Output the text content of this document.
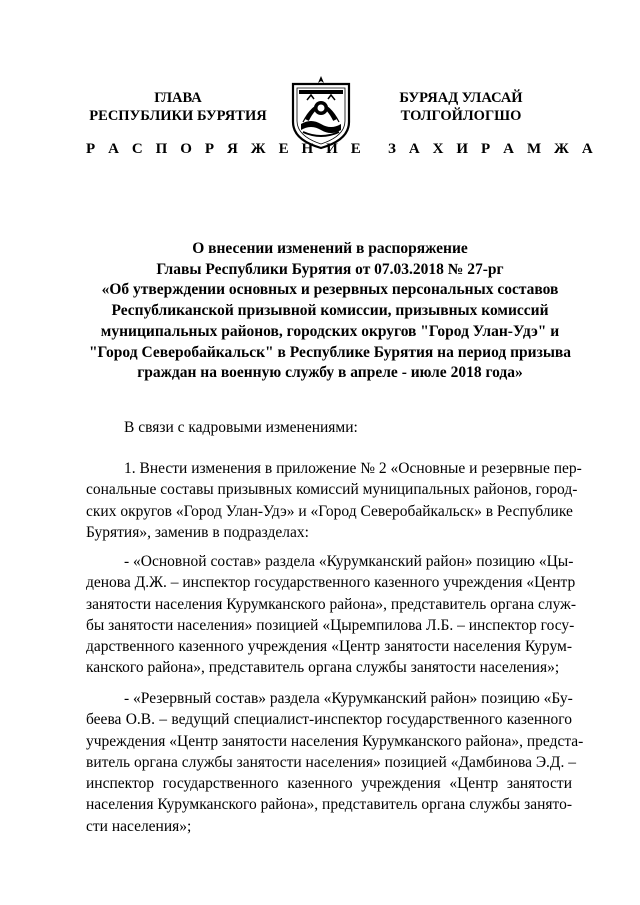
ГЛАВА
РЕСПУБЛИКИ БУРЯТИЯ
Р А С П О Р Я Ж Е Н И Е
БУРЯАД УЛАСАЙ
ТОЛГОЙЛОГШО
З А Х И Р А М Ж А
О внесении изменений в распоряжение
Главы Республики Бурятия от 07.03.2018 № 27-рг
«Об утверждении основных и резервных персональных составов
Республиканской призывной комиссии, призывных комиссий
муниципальных районов, городских округов "Город Улан-Удэ" и
"Город Северобайкальск" в Республике Бурятия на период призыва
граждан на военную службу в апреле - июле 2018 года»
В связи с кадровыми изменениями:
1. Внести изменения в приложение № 2 «Основные и резервные пер-
сональные составы призывных комиссий муниципальных районов, город-
ских округов «Город Улан-Удэ» и «Город Северобайкальск» в Республике
Бурятия», заменив в подразделах:
- «Основной состав» раздела «Курумканский район» позицию «Цы-
денова Д.Ж. – инспектор государственного казенного учреждения «Центр
занятости населения Курумканского района», представитель органа служ-
бы занятости населения» позицией «Цыремпилова Л.Б. – инспектор госу-
дарственного казенного учреждения «Центр занятости населения Курум-
канского района», представитель органа службы занятости населения»;
- «Резервный состав» раздела «Курумканский район» позицию «Бу-
беева О.В. – ведущий специалист-инспектор государственного казенного
учреждения «Центр занятости населения Курумканского района», предста-
витель органа службы занятости населения» позицией «Дамбинова Э.Д. –
инспектор государственного казенного учреждения «Центр занятости
населения Курумканского района», представитель органа службы занято-
сти населения»;
